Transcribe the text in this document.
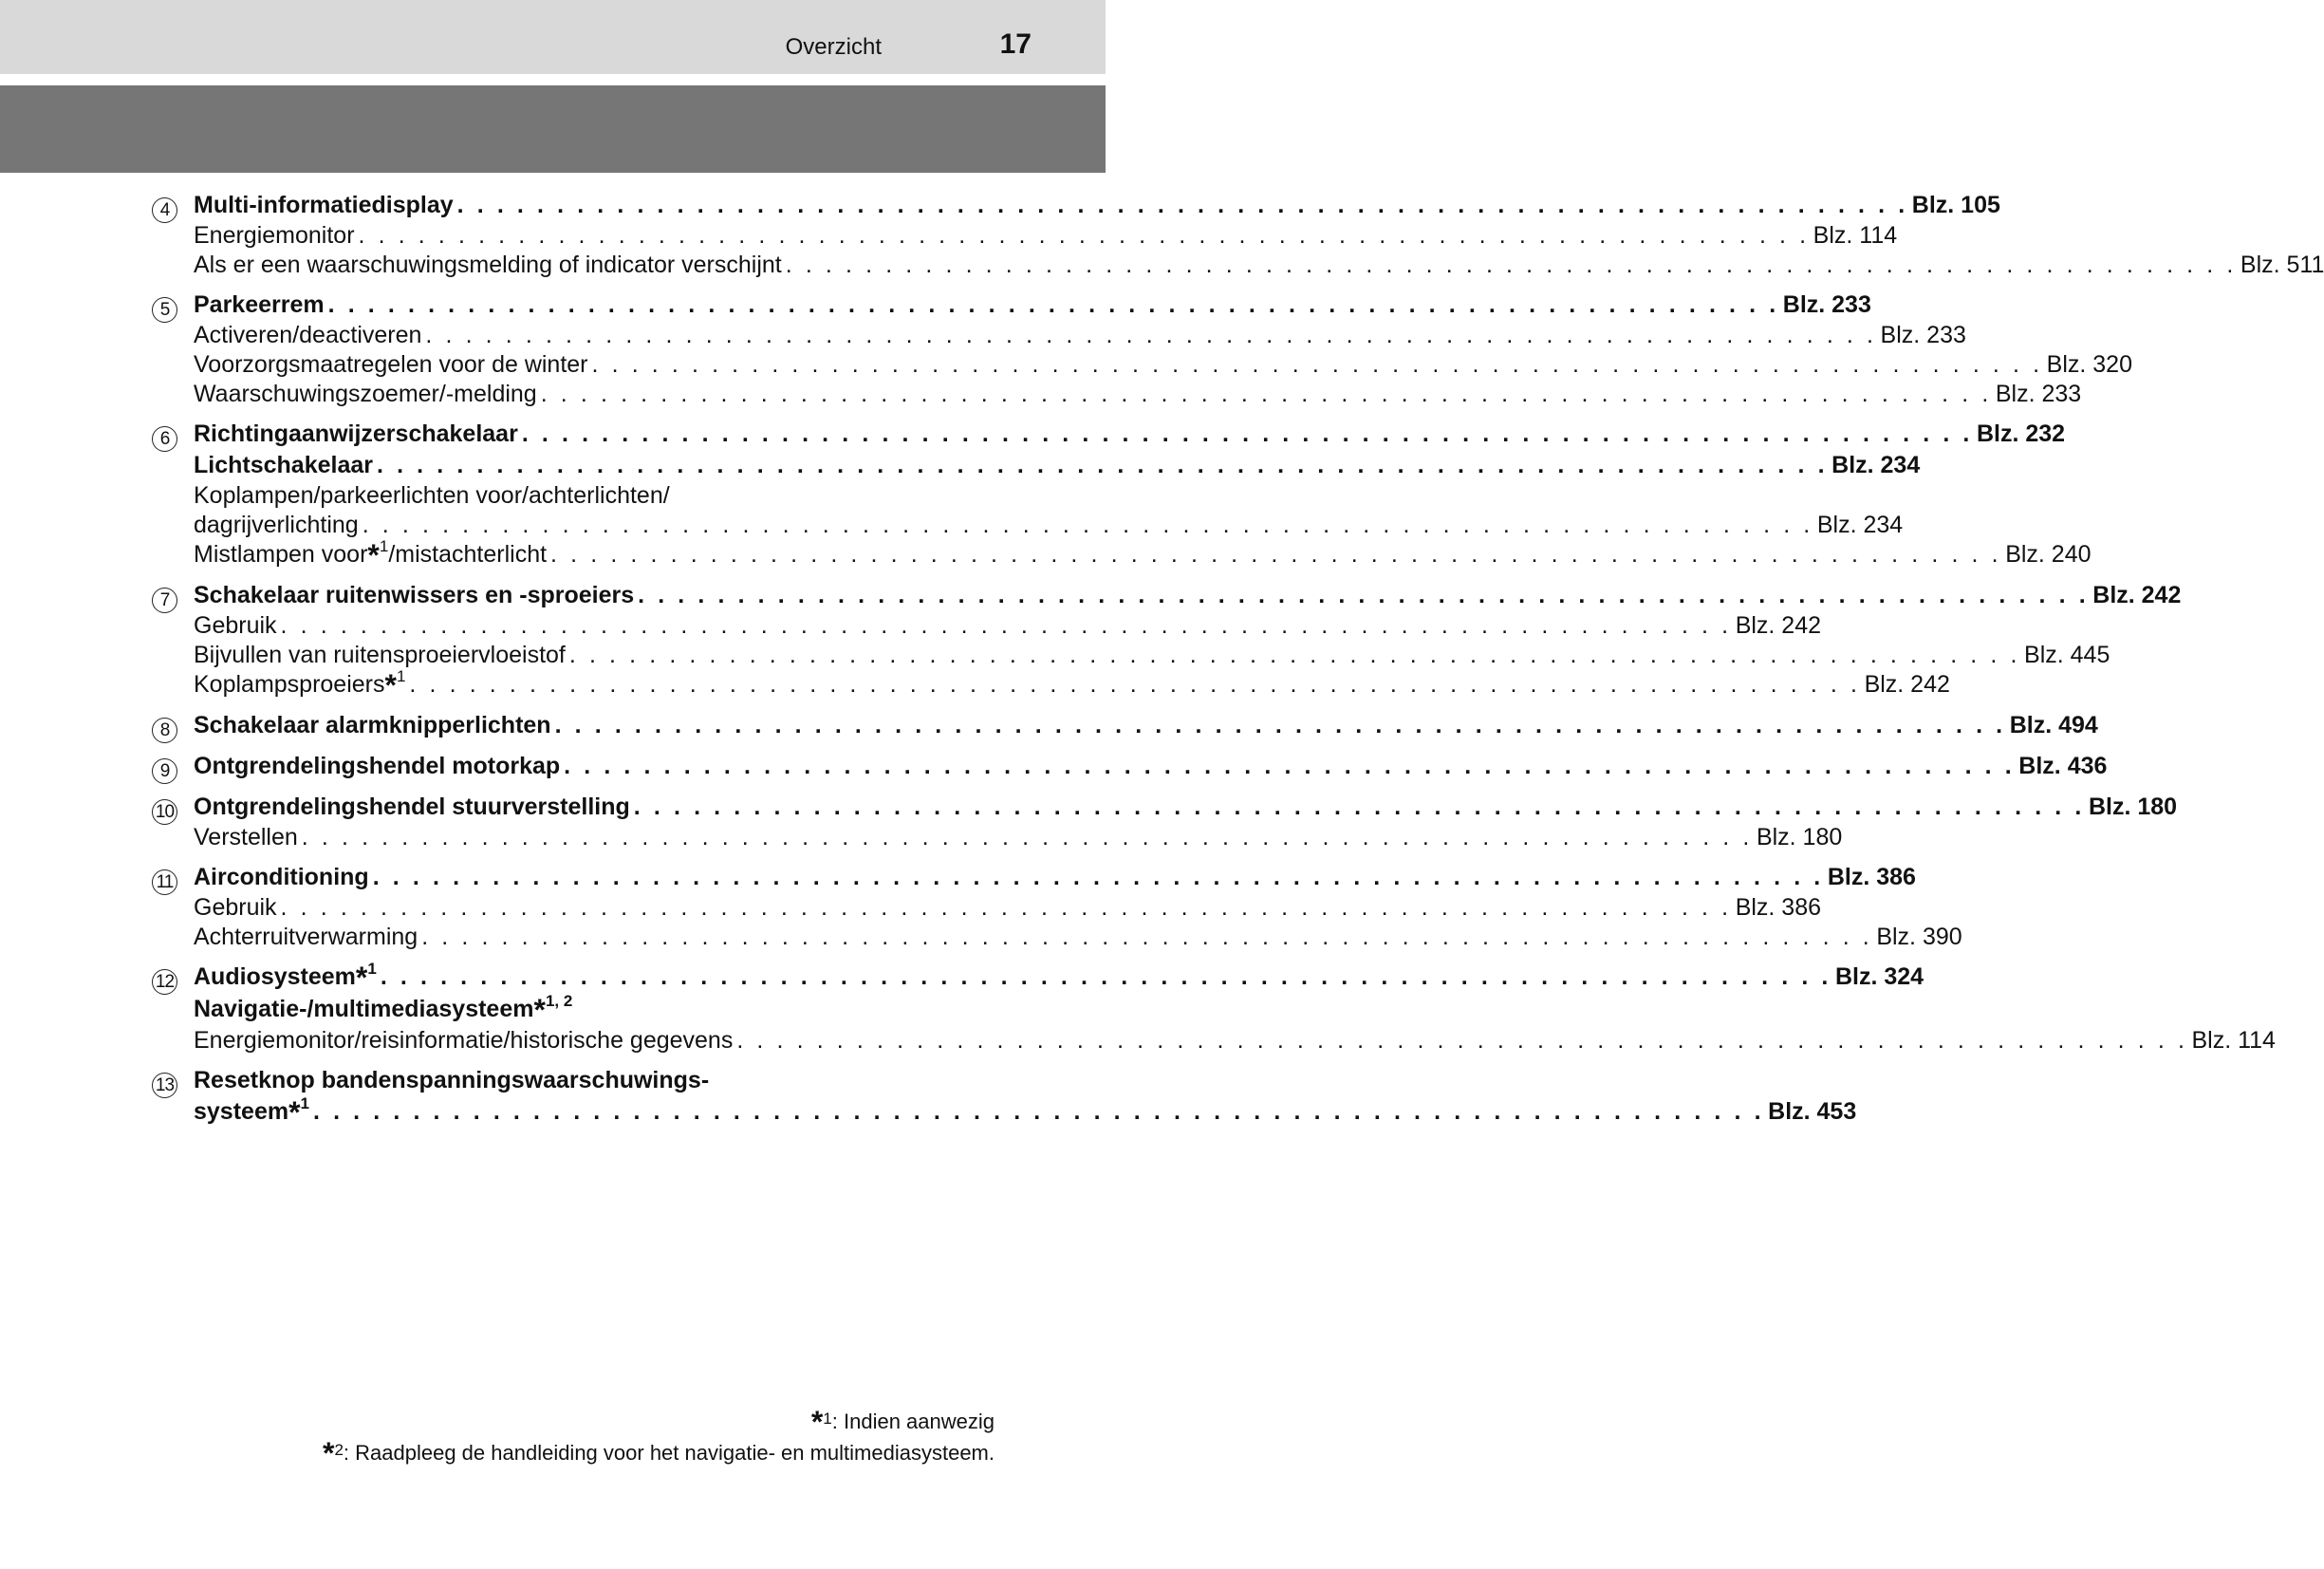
Overzicht	17
4	Multi-informatiedisplay . . . . . . . . . . . . . . . . . . . . . . . . . . . . . . . . . . . . . . . . . . . . . . . . . . . . . . . . . . . . . . . . . . . . . . . . . Blz. 105
Energiemonitor . . . . . . . . . . . . . . . . . . . . . . . . . . . . . . . . . . . . . . . . . . . . . . . . . . . . . . . . . . . . . . . . . . . . . . . . . Blz. 114
Als er een waarschuwingsmelding of indicator verschijnt . . . . . . . . . . . . . . . . . . . . . . . . . . . . . . . . . . . . . . . . . . . . . . . . . . . . . . . . . . . . . . . . . . . . . . . . . Blz. 511
5	Parkeerrem . . . . . . . . . . . . . . . . . . . . . . . . . . . . . . . . . . . . . . . . . . . . . . . . . . . . . . . . . . . . . . . . . . . . . . . . . Blz. 233
Activeren/deactiveren . . . . . . . . . . . . . . . . . . . . . . . . . . . . . . . . . . . . . . . . . . . . . . . . . . . . . . . . . . . . . . . . . . . . . . . . . Blz. 233
Voorzorgsmaatregelen voor de winter . . . . . . . . . . . . . . . . . . . . . . . . . . . . . . . . . . . . . . . . . . . . . . . . . . . . . . . . . . . . . . . . . . . . . . . . . Blz. 320
Waarschuwingszoemer/-melding . . . . . . . . . . . . . . . . . . . . . . . . . . . . . . . . . . . . . . . . . . . . . . . . . . . . . . . . . . . . . . . . . . . . . . . . . Blz. 233
6	Richtingaanwijzerschakelaar . . . . . . . . . . . . . . . . . . . . . . . . . . . . . . . . . . . . . . . . . . . . . . . . . . . . . . . . . . . . . . . . . . . . . . . . . Blz. 232
Lichtschakelaar . . . . . . . . . . . . . . . . . . . . . . . . . . . . . . . . . . . . . . . . . . . . . . . . . . . . . . . . . . . . . . . . . . . . . . . . . Blz. 234
Koplampen/parkeerlichten voor/achterlichten/
dagrijverlichting . . . . . . . . . . . . . . . . . . . . . . . . . . . . . . . . . . . . . . . . . . . . . . . . . . . . . . . . . . . . . . . . . . . . . . . . . Blz. 234
Mistlampen voor*$^1$/mistachterlicht . . . . . . . . . . . . . . . . . . . . . . . . . . . . . . . . . . . . . . . . . . . . . . . . . . . . . . . . . . . . . . . . . . . . . . . . . Blz. 240
7	Schakelaar ruitenwissers en -sproeiers . . . . . . . . . . . . . . . . . . . . . . . . . . . . . . . . . . . . . . . . . . . . . . . . . . . . . . . . . . . . . . . . . . . . . . . . . Blz. 242
Gebruik . . . . . . . . . . . . . . . . . . . . . . . . . . . . . . . . . . . . . . . . . . . . . . . . . . . . . . . . . . . . . . . . . . . . . . . . . Blz. 242
Bijvullen van ruitensproeiervloeistof . . . . . . . . . . . . . . . . . . . . . . . . . . . . . . . . . . . . . . . . . . . . . . . . . . . . . . . . . . . . . . . . . . . . . . . . . Blz. 445
Koplampsproeiers*$^1$ . . . . . . . . . . . . . . . . . . . . . . . . . . . . . . . . . . . . . . . . . . . . . . . . . . . . . . . . . . . . . . . . . . . . . . . . . Blz. 242
8	Schakelaar alarmknipperlichten . . . . . . . . . . . . . . . . . . . . . . . . . . . . . . . . . . . . . . . . . . . . . . . . . . . . . . . . . . . . . . . . . . . . . . . . . Blz. 494
9	Ontgrendelingshendel motorkap . . . . . . . . . . . . . . . . . . . . . . . . . . . . . . . . . . . . . . . . . . . . . . . . . . . . . . . . . . . . . . . . . . . . . . . . . Blz. 436
10 Ontgrendelingshendel stuurverstelling . . . . . . . . . . . . . . . . . . . . . . . . . . . . . . . . . . . . . . . . . . . . . . . . . . . . . . . . . . . . . . . . . . . . . . . . . Blz. 180
Verstellen . . . . . . . . . . . . . . . . . . . . . . . . . . . . . . . . . . . . . . . . . . . . . . . . . . . . . . . . . . . . . . . . . . . . . . . . . Blz. 180
11 Airconditioning . . . . . . . . . . . . . . . . . . . . . . . . . . . . . . . . . . . . . . . . . . . . . . . . . . . . . . . . . . . . . . . . . . . . . . . . . Blz. 386
Gebruik . . . . . . . . . . . . . . . . . . . . . . . . . . . . . . . . . . . . . . . . . . . . . . . . . . . . . . . . . . . . . . . . . . . . . . . . . Blz. 386
Achterruitverwarming . . . . . . . . . . . . . . . . . . . . . . . . . . . . . . . . . . . . . . . . . . . . . . . . . . . . . . . . . . . . . . . . . . . . . . . . . Blz. 390
12 Audiosysteem*$^1$ . . . . . . . . . . . . . . . . . . . . . . . . . . . . . . . . . . . . . . . . . . . . . . . . . . . . . . . . . . . . . . . . . . . . . . . . . Blz. 324
Navigatie-/multimediasysteem*$^{1, 2}$
Energiemonitor/reisinformatie/historische gegevens . . . . . . . . . . . . . . . . . . . . . . . . . . . . . . . . . . . . . . . . . . . . . . . . . . . . . . . . . . . . . . . . . . . . . . . . . Blz. 114
13 Resetknop bandenspanningswaarschuwings-
systeem*$^1$ . . . . . . . . . . . . . . . . . . . . . . . . . . . . . . . . . . . . . . . . . . . . . . . . . . . . . . . . . . . . . . . . . . . . . . . . . Blz. 453
*$^1$: Indien aanwezig
*$^2$: Raadpleeg de handleiding voor het navigatie- en multimediasysteem.
